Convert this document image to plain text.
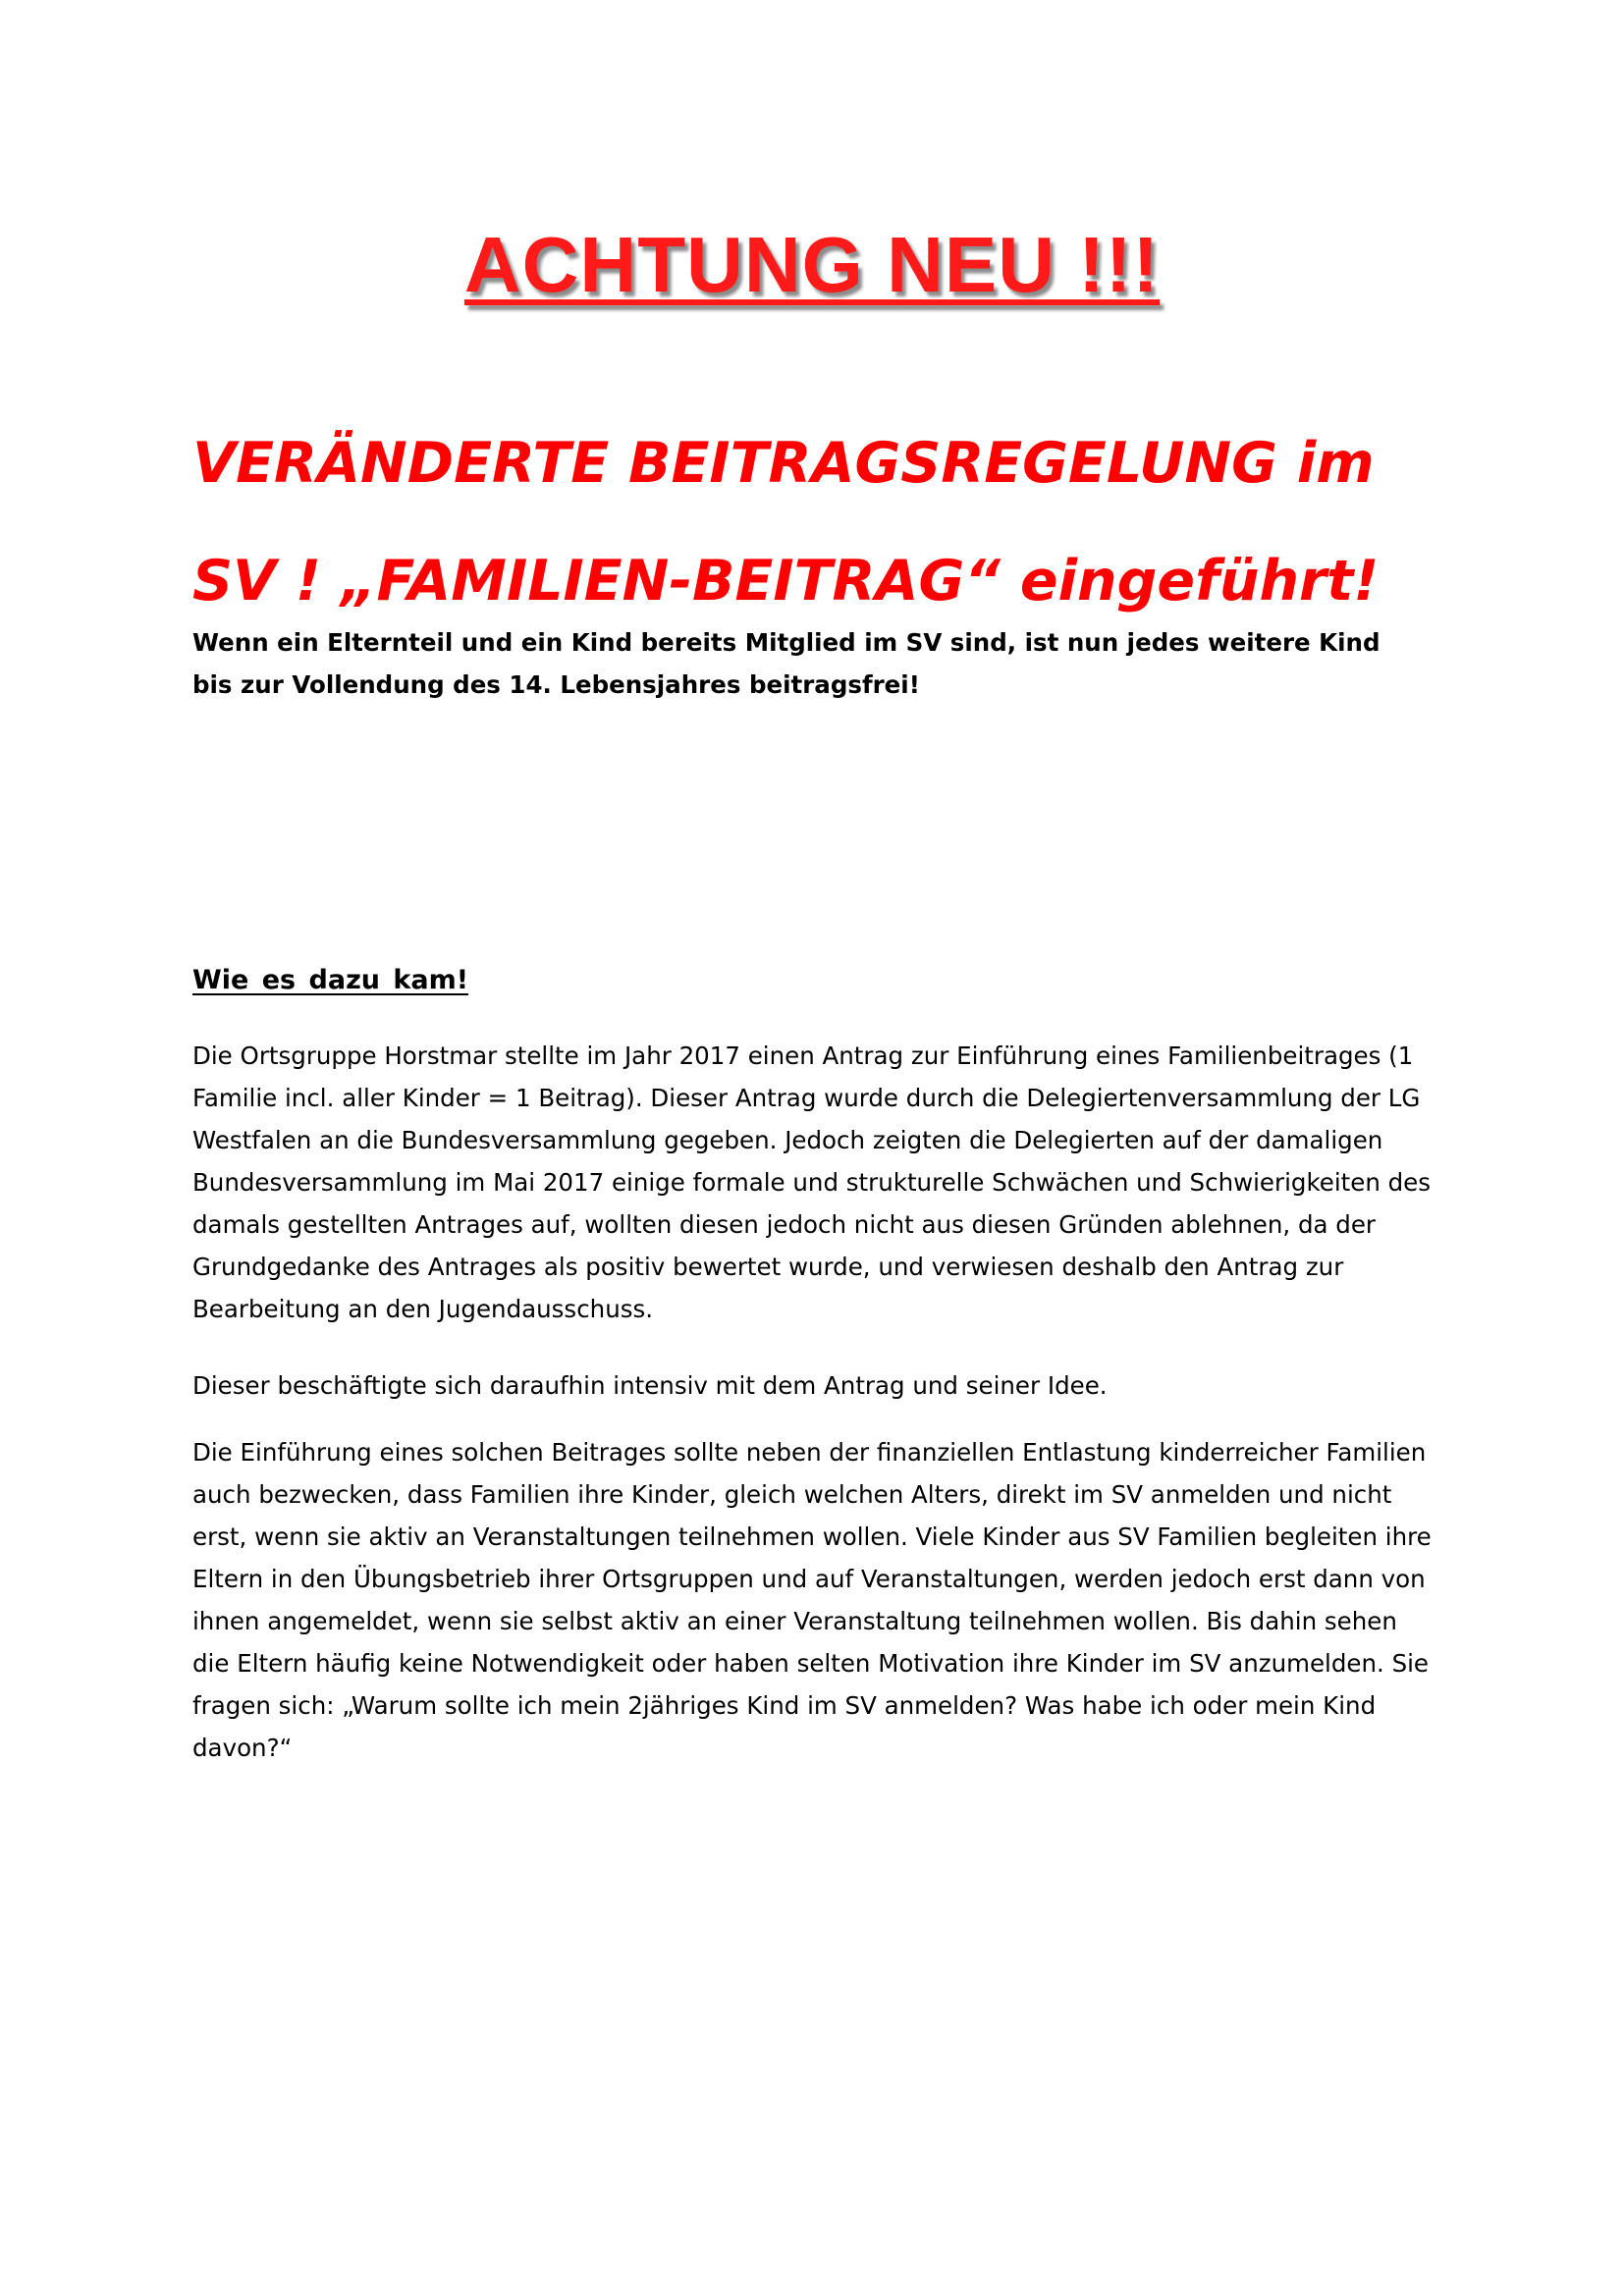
ACHTUNG NEU !!!

VERÄNDERTE BEITRAGSREGELUNG im SV ! „FAMILIEN-BEITRAG“ eingeführt!

Wenn ein Elternteil und ein Kind bereits Mitglied im SV sind, ist nun jedes weitere Kind bis zur Vollendung des 14. Lebensjahres beitragsfrei!

Wie es dazu kam!

Die Ortsgruppe Horstmar stellte im Jahr 2017 einen Antrag zur Einführung eines Familienbeitrages (1 Familie incl. aller Kinder = 1 Beitrag). Dieser Antrag wurde durch die Delegiertenversammlung der LG Westfalen an die Bundesversammlung gegeben. Jedoch zeigten die Delegierten auf der damaligen Bundesversammlung im Mai 2017 einige formale und strukturelle Schwächen und Schwierigkeiten des damals gestellten Antrages auf, wollten diesen jedoch nicht aus diesen Gründen ablehnen, da der Grundgedanke des Antrages als positiv bewertet wurde, und verwiesen deshalb den Antrag zur Bearbeitung an den Jugendausschuss.

Dieser beschäftigte sich daraufhin intensiv mit dem Antrag und seiner Idee.

Die Einführung eines solchen Beitrages sollte neben der finanziellen Entlastung kinderreicher Familien auch bezwecken, dass Familien ihre Kinder, gleich welchen Alters, direkt im SV anmelden und nicht erst, wenn sie aktiv an Veranstaltungen teilnehmen wollen. Viele Kinder aus SV Familien begleiten ihre Eltern in den Übungsbetrieb ihrer Ortsgruppen und auf Veranstaltungen, werden jedoch erst dann von ihnen angemeldet, wenn sie selbst aktiv an einer Veranstaltung teilnehmen wollen. Bis dahin sehen die Eltern häufig keine Notwendigkeit oder haben selten Motivation ihre Kinder im SV anzumelden. Sie fragen sich: „Warum sollte ich mein 2jähriges Kind im SV anmelden? Was habe ich oder mein Kind davon?“
